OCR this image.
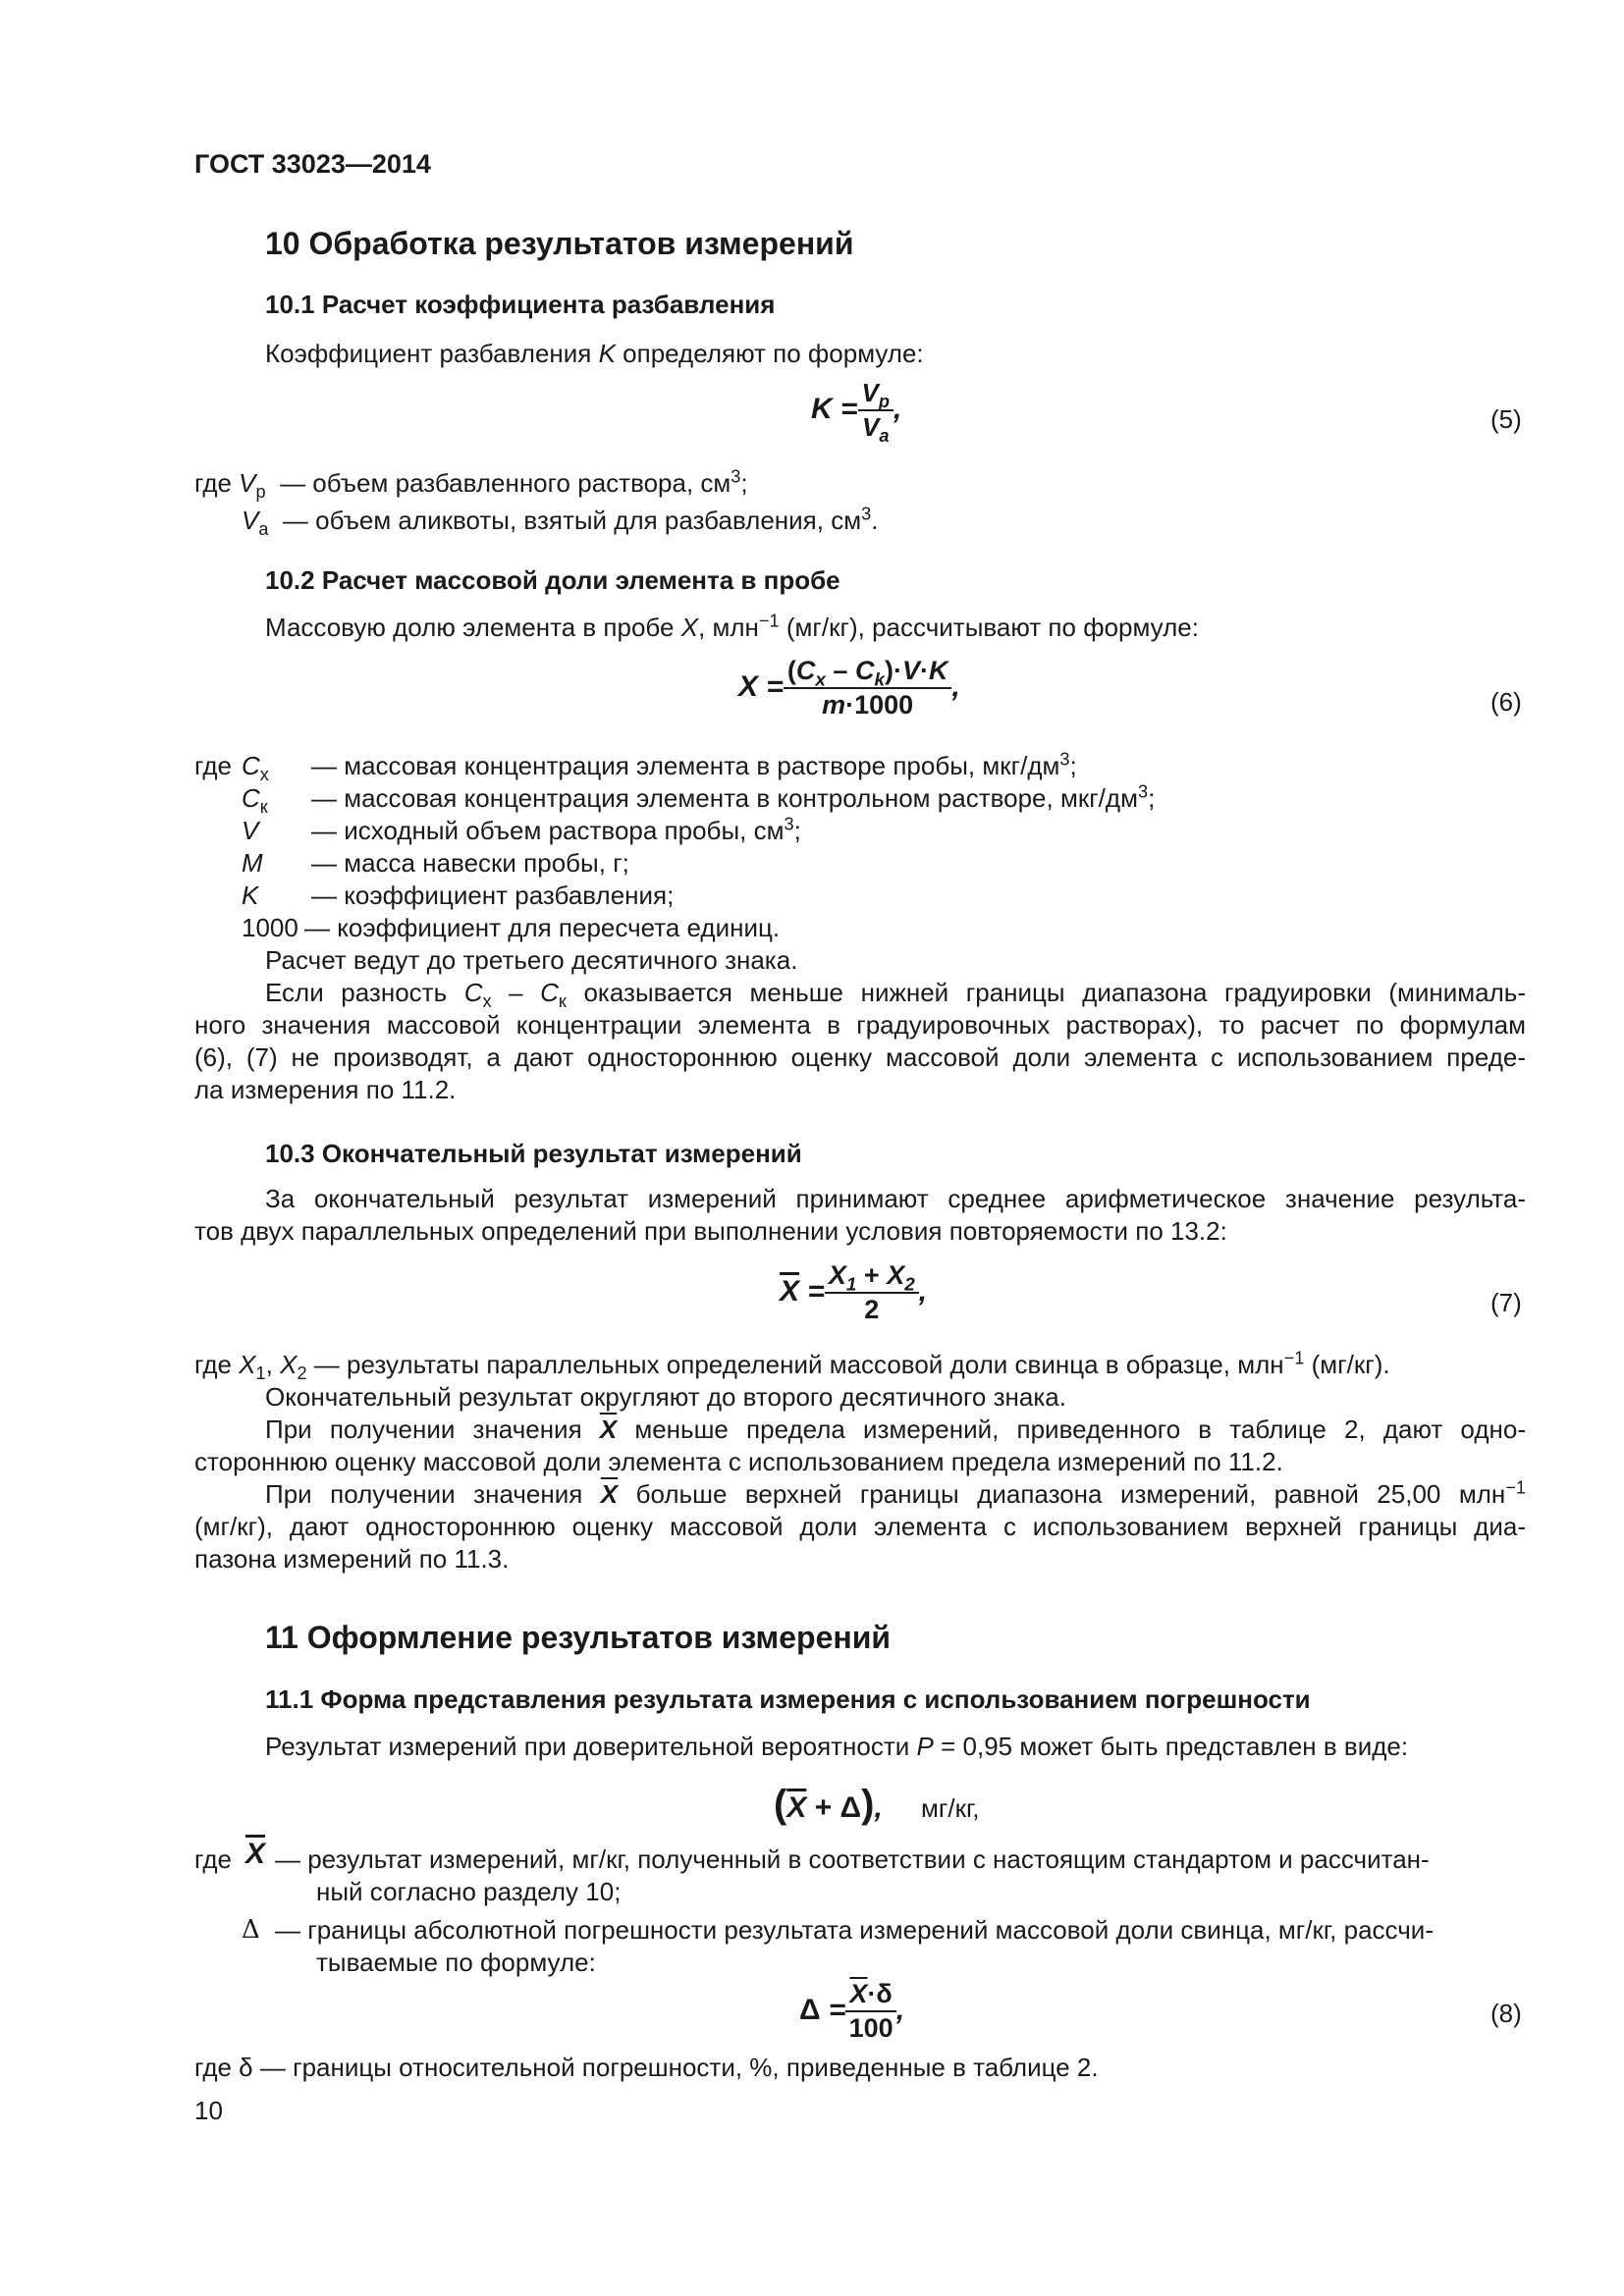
ГОСТ 33023—2014
10 Обработка результатов измерений
10.1 Расчет коэффициента разбавления
Коэффициент разбавления K определяют по формуле:
$K = \frac{V_p}{V_a}$ ,	(5)
где $V_р$  — объем разбавленного раствора, $см^3$;
$V_а$  — объем аликвоты, взятый для разбавления, $см^3$.
10.2 Расчет массовой доли элемента в пробе
Массовую долю элемента в пробе X, млн$^{-1}$ (мг/кг), рассчитывают по формуле:
$X = \frac{(C_x - C_k)\cdot V\cdot K}{m\cdot 1000}$ ,	(6)
где $C_x$ — массовая концентрация элемента в растворе пробы, мкг/$дм^3$;
$C_к$ — массовая концентрация элемента в контрольном растворе, мкг/$дм^3$;
V — исходный объем раствора пробы, $см^3$;
M — масса навески пробы, г;
K — коэффициент разбавления;
1000 — коэффициент для пересчета единиц.
Расчет ведут до третьего десятичного знака.
Если разность $C_x - C_к$ оказывается меньше нижней границы диапазона градуировки (минималь-
ного значения массовой концентрации элемента в градуировочных растворах), то расчет по формулам
(6), (7) не производят, а дают одностороннюю оценку массовой доли элемента с использованием преде-
ла измерения по 11.2.
10.3 Окончательный результат измерений
За окончательный результат измерений принимают среднее арифметическое значение результа-
тов двух параллельных определений при выполнении условия повторяемости по 13.2:
$\overline{X} = \frac{X_1 + X_2}{2}$ ,	(7)
где $X_1$, $X_2$ — результаты параллельных определений массовой доли свинца в образце, млн$^{-1}$ (мг/кг).
Окончательный результат округляют до второго десятичного знака.
При получении значения $\overline{X}$ меньше предела измерений, приведенного в таблице 2, дают одно-
стороннюю оценку массовой доли элемента с использованием предела измерений по 11.2.
При получении значения $\overline{X}$ больше верхней границы диапазона измерений, равной 25,00 млн$^{-1}$
(мг/кг), дают одностороннюю оценку массовой доли элемента с использованием верхней границы диа-
пазона измерений по 11.3.
11 Оформление результатов измерений
11.1 Форма представления результата измерения с использованием погрешности
Результат измерений при доверительной вероятности P = 0,95 может быть представлен в виде:
$(\overline{X} + \Delta)$, мг/кг,
где $\overline{X}$ — результат измерений, мг/кг, полученный в соответствии с настоящим стандартом и рассчитан-
ный согласно разделу 10;
Δ — границы абсолютной погрешности результата измерений массовой доли свинца, мг/кг, рассчи-
тываемые по формуле:
$\Delta = \frac{\overline{X}\cdot\delta}{100}$ ,	(8)
где δ — границы относительной погрешности, %, приведенные в таблице 2.
10
